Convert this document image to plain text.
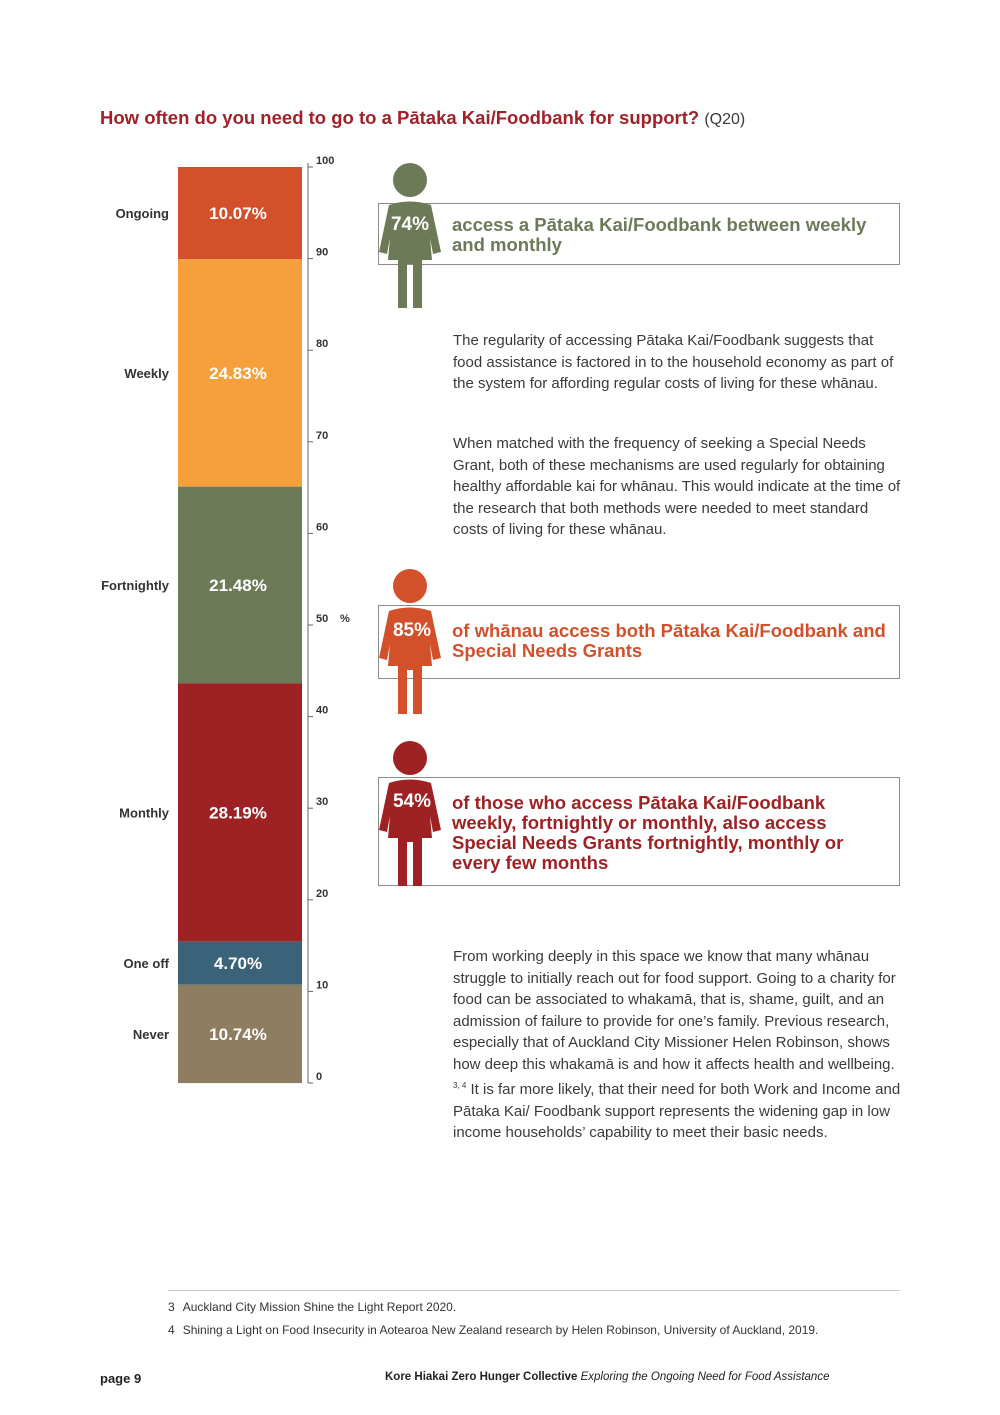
How often do you need to go to a Pātaka Kai/Foodbank for support? (Q20)
10.07%
Ongoing
24.83%
Weekly
21.48%
Fortnightly
28.19%
Monthly
4.70%
One off
10.74%
Never
0
10
20
30
40
50
60
70
80
90
100
%
access a Pātaka Kai/Foodbank between weekly and monthly
74%
of whānau access both Pātaka Kai/Foodbank and Special Needs Grants
85%
of those who access Pātaka Kai/Foodbank weekly, fortnightly or monthly, also access Special Needs Grants fortnightly, monthly or every few months
54%

The regularity of accessing Pātaka Kai/Foodbank suggests that food assistance is factored in to the household economy as part of the system for affording regular costs of living for these whānau.

When matched with the frequency of seeking a Special Needs Grant, both of these mechanisms are used regularly for obtaining healthy affordable kai for whānau. This would indicate at the time of the research that both methods were needed to meet standard costs of living for these whānau.

From working deeply in this space we know that many whānau struggle to initially reach out for food support. Going to a charity for food can be associated to whakamā, that is, shame, guilt, and an admission of failure to provide for one’s family. Previous research, especially that of Auckland City Missioner Helen Robinson, shows how deep this whakamā is and how it affects health and wellbeing. $^{3, 4}$ It is far more likely, that their need for both Work and Income and Pātaka Kai/ Foodbank support represents the widening gap in low income households’ capability to meet their basic needs.

3 Auckland City Mission Shine the Light Report 2020.

4 Shining a Light on Food Insecurity in Aotearoa New Zealand research by Helen Robinson, University of Auckland, 2019.

page 9	Kore Hiakai Zero Hunger Collective Exploring the Ongoing Need for Food Assistance
